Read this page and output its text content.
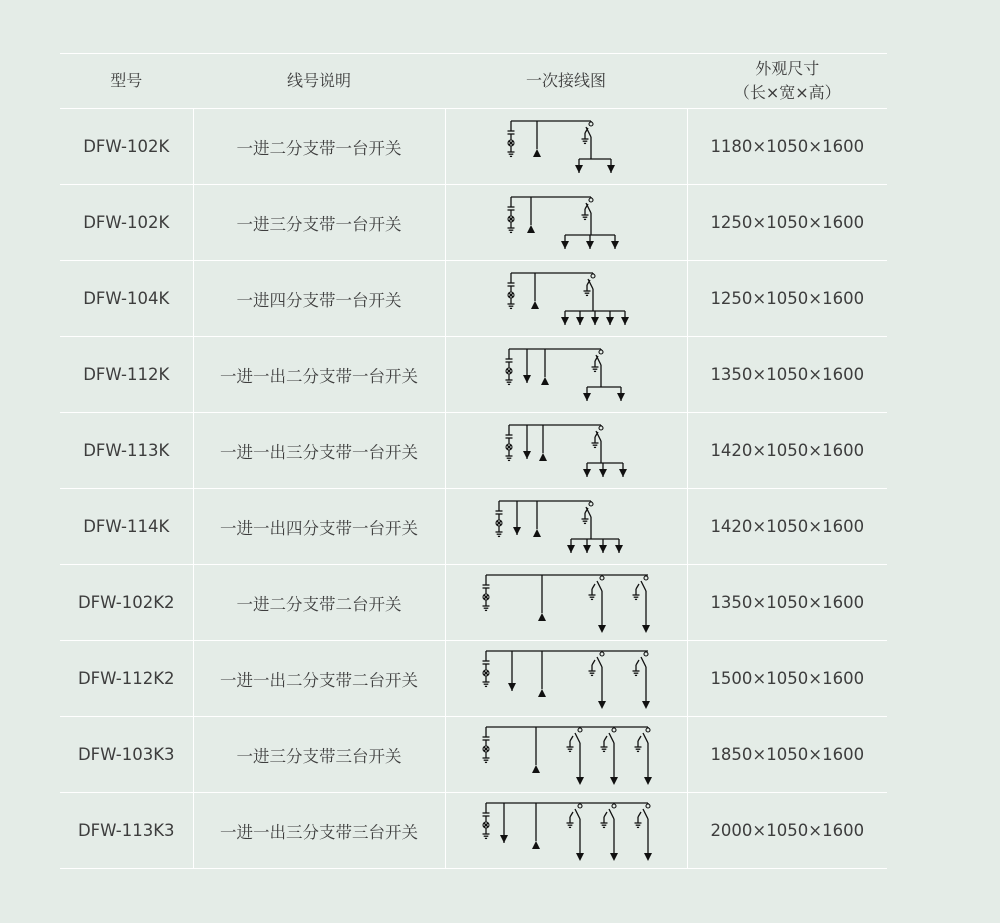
型号	线号说明	一次接线图	外观尺寸
（长×宽×高）

DFW-102K	一进二分支带一台开关		1180×1050×1600
DFW-102K	一进三分支带一台开关		1250×1050×1600
DFW-104K	一进四分支带一台开关		1250×1050×1600
DFW-112K	一进一出二分支带一台开关		1350×1050×1600
DFW-113K	一进一出三分支带一台开关		1420×1050×1600
DFW-114K	一进一出四分支带一台开关		1420×1050×1600
DFW-102K2	一进二分支带二台开关		1350×1050×1600
DFW-112K2	一进一出二分支带二台开关		1500×1050×1600
DFW-103K3	一进三分支带三台开关		1850×1050×1600
DFW-113K3	一进一出三分支带三台开关		2000×1050×1600
